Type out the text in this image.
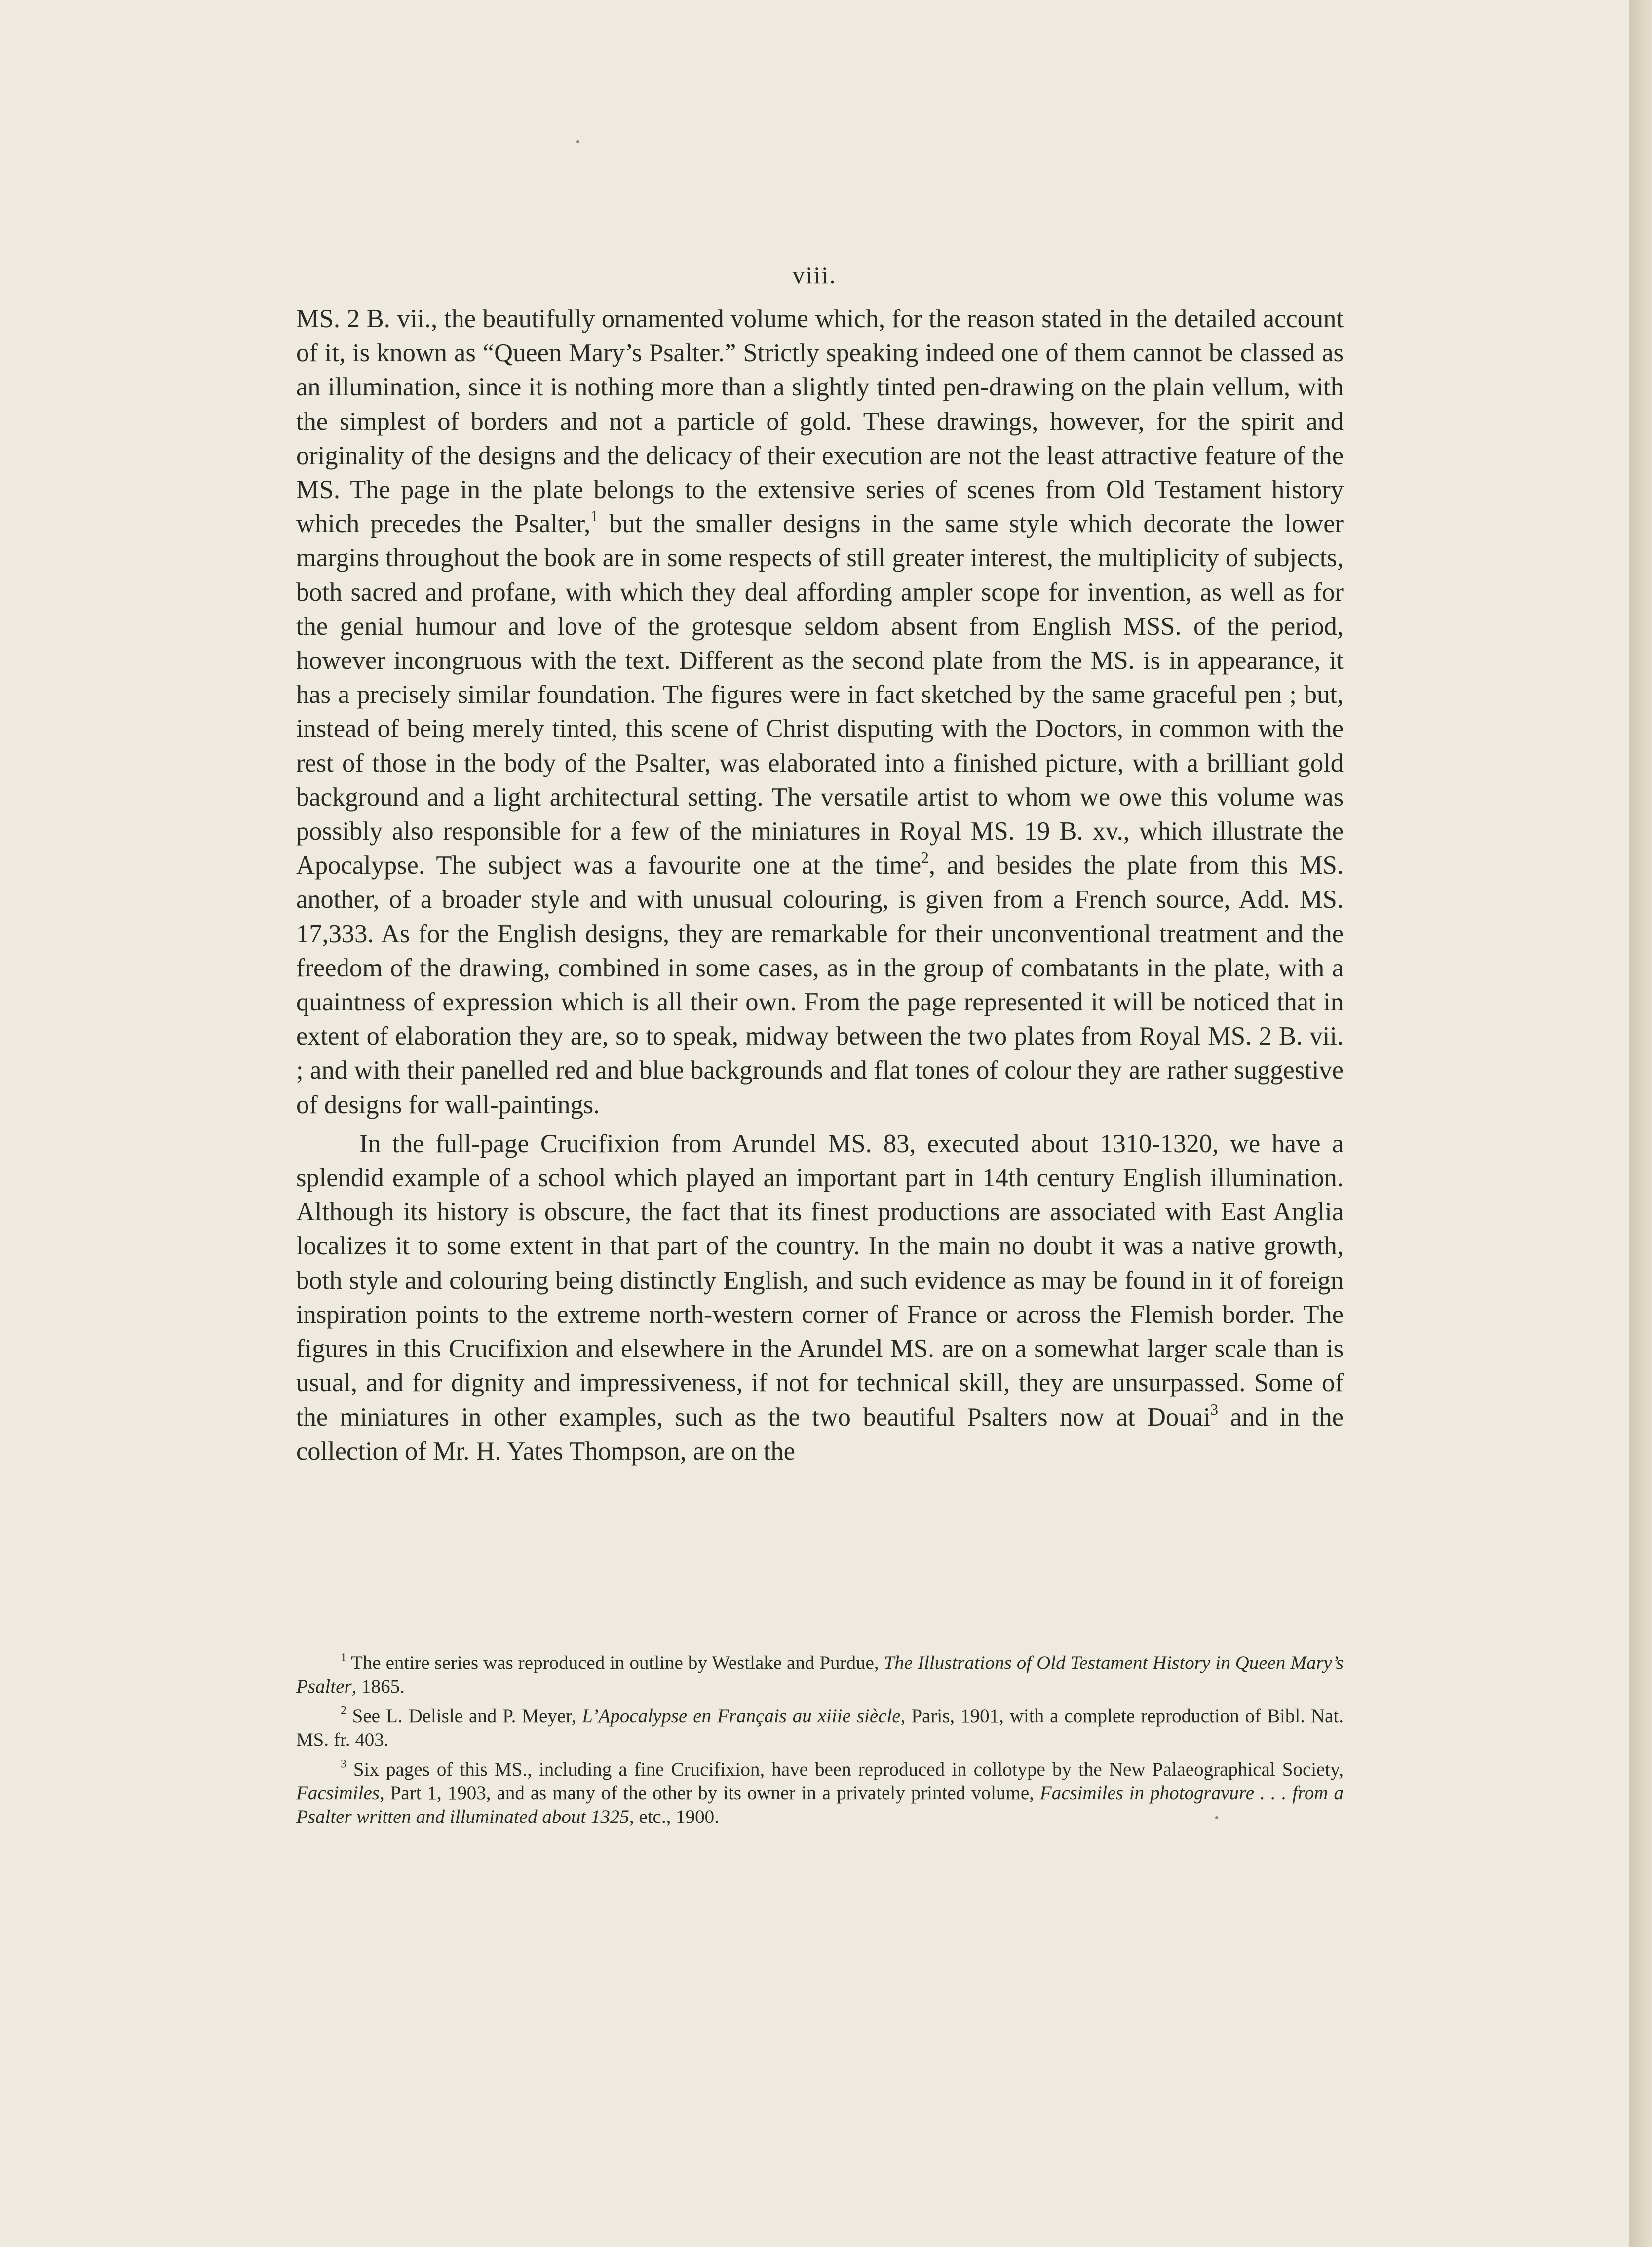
viii.

MS. 2 B. vii., the beautifully ornamented volume which, for the reason stated in the detailed account of it, is known as “Queen Mary’s Psalter.” Strictly speaking indeed one of them cannot be classed as an illumination, since it is nothing more than a slightly tinted pen-drawing on the plain vellum, with the simplest of borders and not a particle of gold. These drawings, however, for the spirit and originality of the designs and the delicacy of their execution are not the least attractive feature of the MS. The page in the plate belongs to the extensive series of scenes from Old Testament history which precedes the Psalter,$^1$ but the smaller designs in the same style which decorate the lower margins throughout the book are in some respects of still greater interest, the multiplicity of subjects, both sacred and profane, with which they deal affording ampler scope for invention, as well as for the genial humour and love of the grotesque seldom absent from English MSS. of the period, however incongruous with the text. Different as the second plate from the MS. is in appearance, it has a precisely similar foundation. The figures were in fact sketched by the same graceful pen ; but, instead of being merely tinted, this scene of Christ disputing with the Doctors, in common with the rest of those in the body of the Psalter, was elaborated into a finished picture, with a brilliant gold background and a light architectural setting. The versatile artist to whom we owe this volume was possibly also responsible for a few of the miniatures in Royal MS. 19 B. xv., which illustrate the Apocalypse. The subject was a favourite one at the time$^2$, and besides the plate from this MS. another, of a broader style and with unusual colouring, is given from a French source, Add. MS. 17,333. As for the English designs, they are remarkable for their unconventional treatment and the freedom of the drawing, combined in some cases, as in the group of combatants in the plate, with a quaintness of expression which is all their own. From the page represented it will be noticed that in extent of elaboration they are, so to speak, midway between the two plates from Royal MS. 2 B. vii. ; and with their panelled red and blue backgrounds and flat tones of colour they are rather suggestive of designs for wall-paintings.

In the full-page Crucifixion from Arundel MS. 83, executed about 1310-1320, we have a splendid example of a school which played an important part in 14th century English illumination. Although its history is obscure, the fact that its finest productions are associated with East Anglia localizes it to some extent in that part of the country. In the main no doubt it was a native growth, both style and colouring being distinctly English, and such evidence as may be found in it of foreign inspiration points to the extreme north-western corner of France or across the Flemish border. The figures in this Crucifixion and elsewhere in the Arundel MS. are on a somewhat larger scale than is usual, and for dignity and impressiveness, if not for technical skill, they are unsurpassed. Some of the miniatures in other examples, such as the two beautiful Psalters now at Douai$^3$ and in the collection of Mr. H. Yates Thompson, are on the

$^1$ The entire series was reproduced in outline by Westlake and Purdue, The Illustrations of Old Testament History in Queen Mary’s Psalter, 1865.

$^2$ See L. Delisle and P. Meyer, L’Apocalypse en Français au xiiie siècle, Paris, 1901, with a complete reproduction of Bibl. Nat. MS. fr. 403.

$^3$ Six pages of this MS., including a fine Crucifixion, have been reproduced in collotype by the New Palaeographical Society, Facsimiles, Part 1, 1903, and as many of the other by its owner in a privately printed volume, Facsimiles in photogravure . . . from a Psalter written and illuminated about 1325, etc., 1900.
